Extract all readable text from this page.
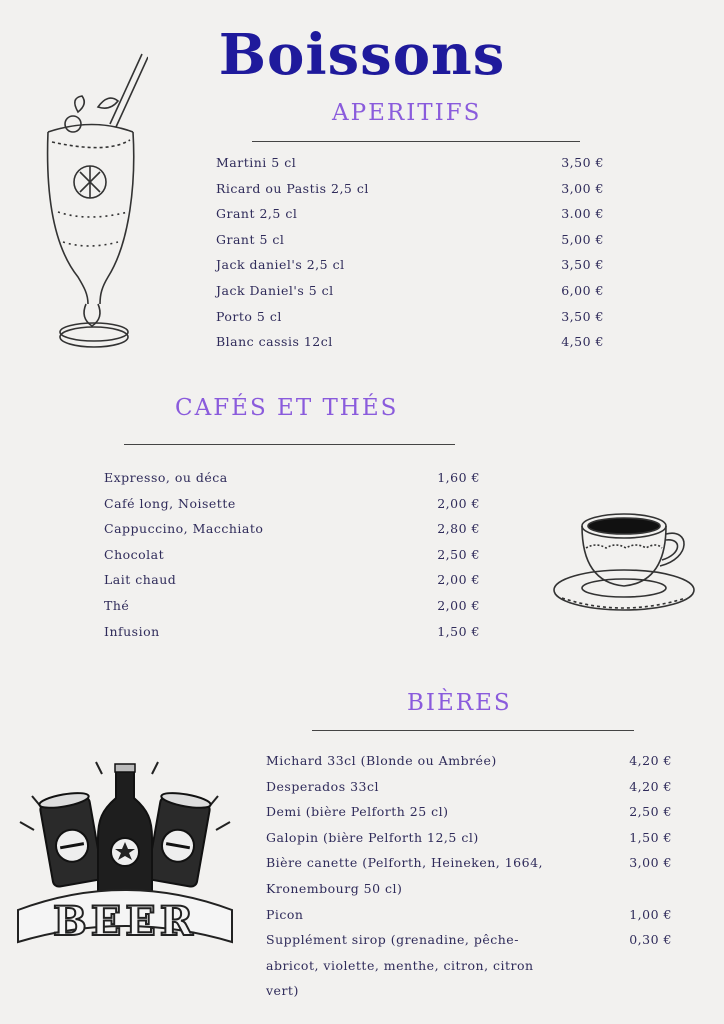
Boissons
APERITIFS
Martini 5 cl	3,50 €
Ricard ou Pastis 2,5 cl	3,00 €
Grant 2,5 cl	3.00 €
Grant 5 cl	5,00 €
Jack daniel's 2,5 cl	3,50 €
Jack Daniel's 5 cl	6,00 €
Porto 5 cl	3,50 €
Blanc cassis 12cl	4,50 €
CAFÉS ET THÉS
Expresso, ou déca	1,60 €
Café long, Noisette	2,00 €
Cappuccino, Macchiato	2,80 €
Chocolat	2,50 €
Lait chaud	2,00 €
Thé	2,00 €
Infusion	1,50 €
BIÈRES
Michard 33cl (Blonde ou Ambrée)	4,20 €
Desperados 33cl	4,20 €
Demi (bière Pelforth 25 cl)	2,50 €
Galopin (bière Pelforth 12,5 cl)	1,50 €
Bière canette (Pelforth, Heineken, 1664,	3,00 €
Kronembourg 50 cl)
Picon	1,00 €
Supplément sirop (grenadine, pêche-	0,30 €
abricot, violette, menthe, citron, citron
vert)
BEER
